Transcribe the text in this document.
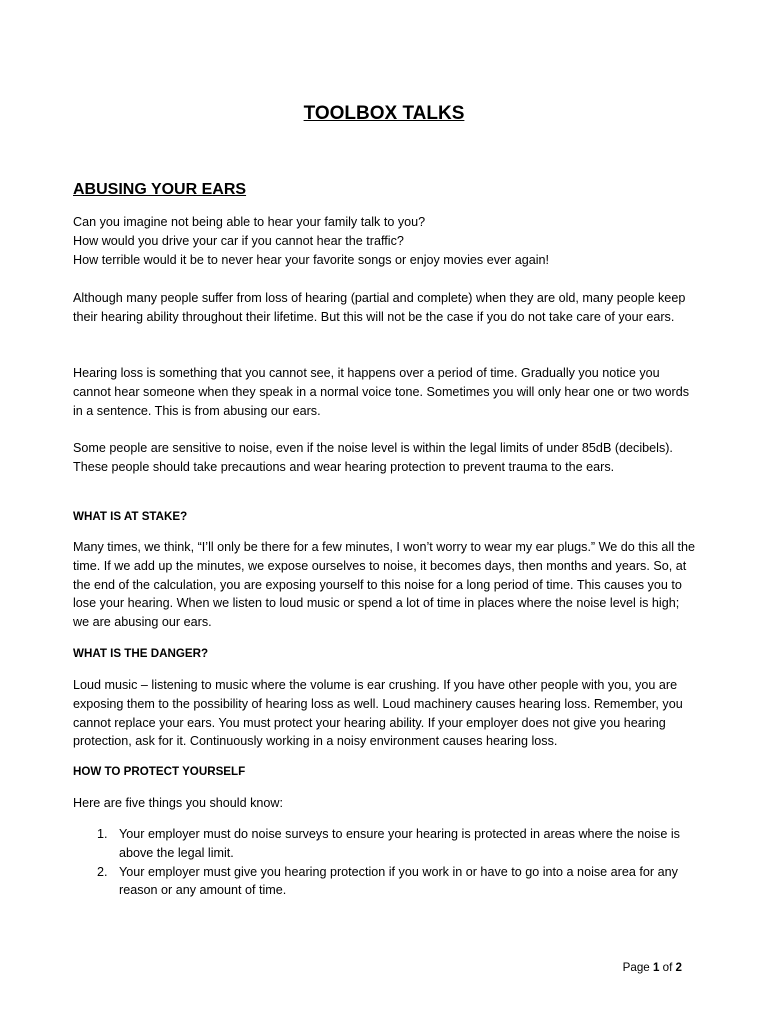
TOOLBOX TALKS
ABUSING YOUR EARS

Can you imagine not being able to hear your family talk to you?

How would you drive your car if you cannot hear the traffic?

How terrible would it be to never hear your favorite songs or enjoy movies ever again!

Although many people suffer from loss of hearing (partial and complete) when they are old, many people keep their hearing ability throughout their lifetime. But this will not be the case if you do not take care of your ears.

Hearing loss is something that you cannot see, it happens over a period of time. Gradually you notice you cannot hear someone when they speak in a normal voice tone. Sometimes you will only hear one or two words in a sentence. This is from abusing our ears.

Some people are sensitive to noise, even if the noise level is within the legal limits of under 85dB (decibels). These people should take precautions and wear hearing protection to prevent trauma to the ears.

WHAT IS AT STAKE?

Many times, we think, “I’ll only be there for a few minutes, I won’t worry to wear my ear plugs.” We do this all the time. If we add up the minutes, we expose ourselves to noise, it becomes days, then months and years. So, at the end of the calculation, you are exposing yourself to this noise for a long period of time. This causes you to lose your hearing. When we listen to loud music or spend a lot of time in places where the noise level is high; we are abusing our ears.

WHAT IS THE DANGER?

Loud music – listening to music where the volume is ear crushing. If you have other people with you, you are exposing them to the possibility of hearing loss as well. Loud machinery causes hearing loss. Remember, you cannot replace your ears. You must protect your hearing ability. If your employer does not give you hearing protection, ask for it. Continuously working in a noisy environment causes hearing loss.

HOW TO PROTECT YOURSELF

Here are five things you should know:

1. Your employer must do noise surveys to ensure your hearing is protected in areas where the noise is above the legal limit.
2. Your employer must give you hearing protection if you work in or have to go into a noise area for any reason or any amount of time.
Page 1 of 2
